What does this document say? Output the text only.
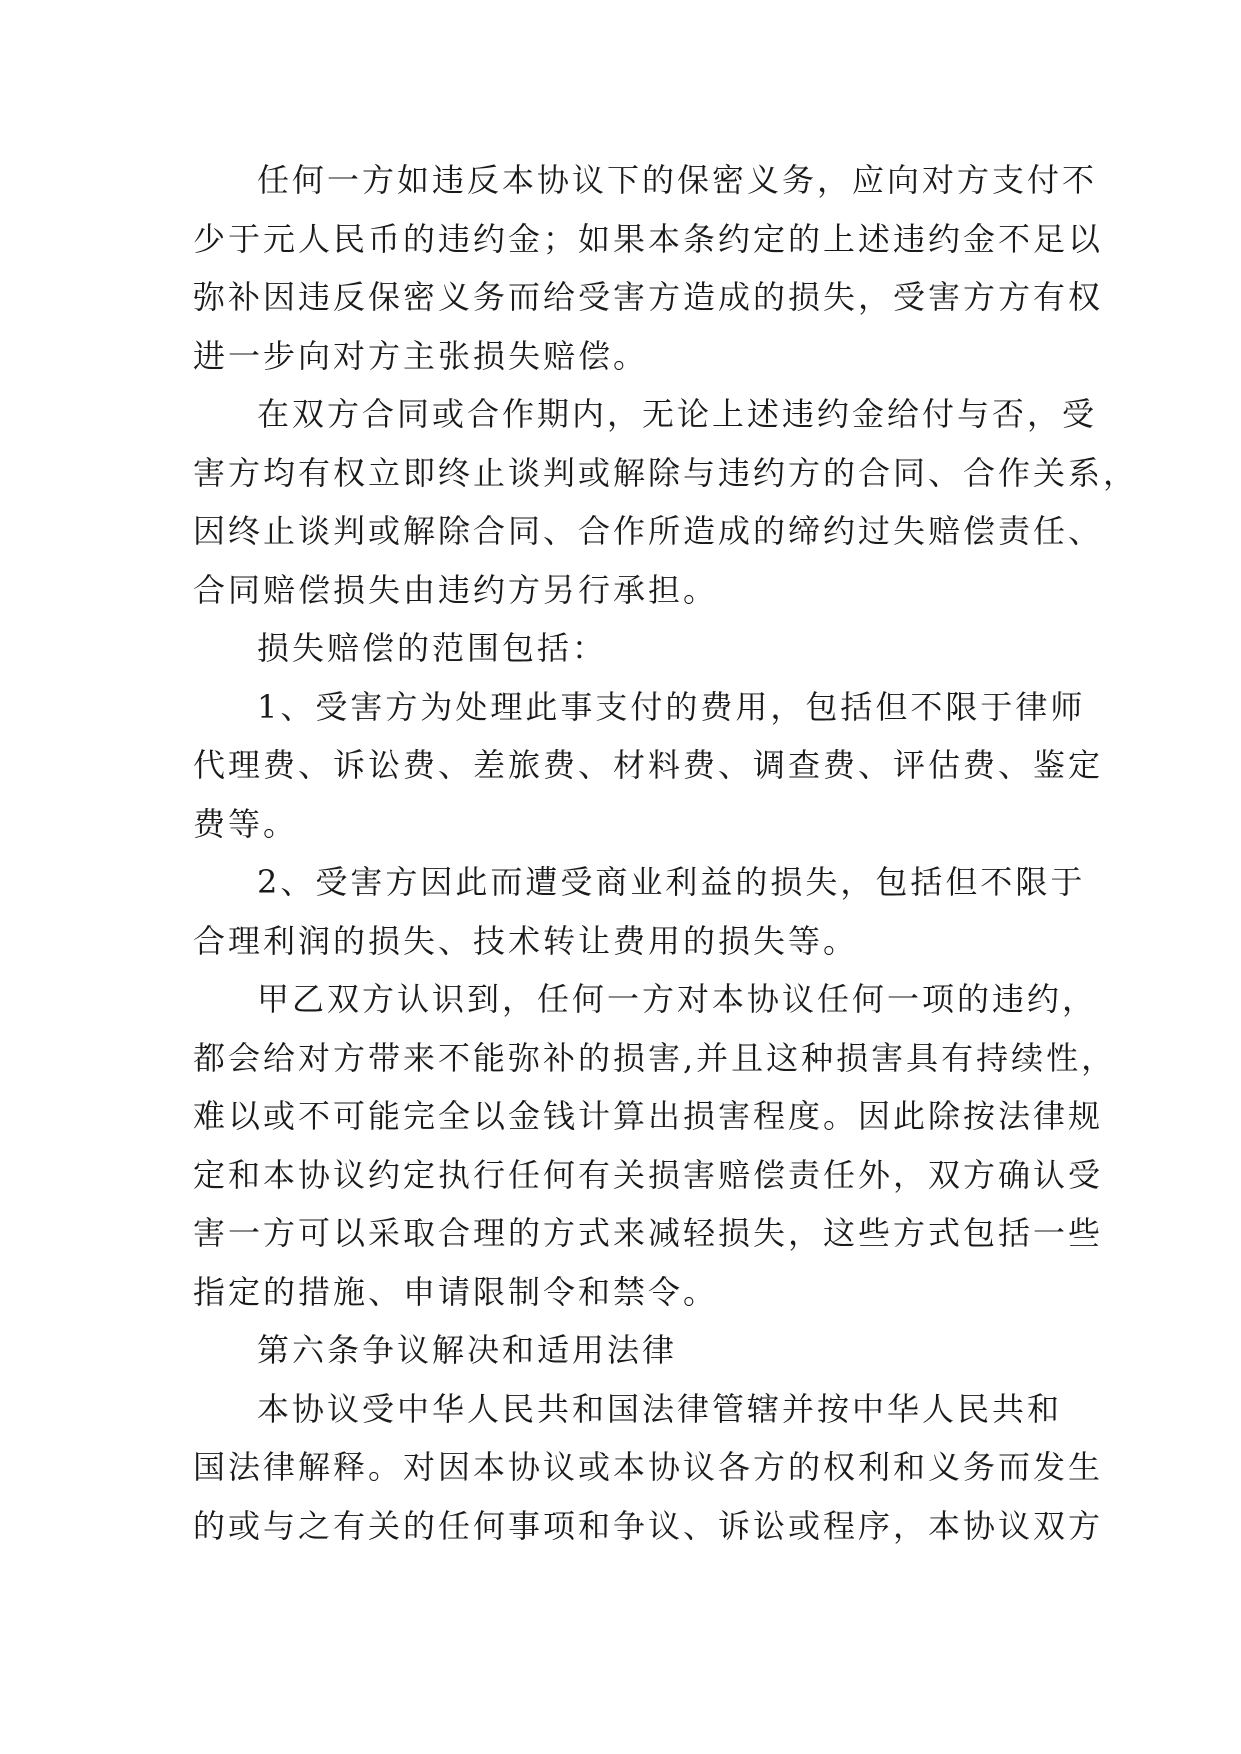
任何一方如违反本协议下的保密义务，应向对方支付不
少于元人民币的违约金；如果本条约定的上述违约金不足以
弥补因违反保密义务而给受害方造成的损失，受害方方有权
进一步向对方主张损失赔偿。
在双方合同或合作期内，无论上述违约金给付与否，受
害方均有权立即终止谈判或解除与违约方的合同、合作关系，
因终止谈判或解除合同、合作所造成的缔约过失赔偿责任、
合同赔偿损失由违约方另行承担。
损失赔偿的范围包括：
1、受害方为处理此事支付的费用，包括但不限于律师
代理费、诉讼费、差旅费、材料费、调查费、评估费、鉴定
费等。
2、受害方因此而遭受商业利益的损失，包括但不限于
合理利润的损失、技术转让费用的损失等。
甲乙双方认识到，任何一方对本协议任何一项的违约，
都会给对方带来不能弥补的损害,并且这种损害具有持续性，
难以或不可能完全以金钱计算出损害程度。因此除按法律规
定和本协议约定执行任何有关损害赔偿责任外，双方确认受
害一方可以采取合理的方式来减轻损失，这些方式包括一些
指定的措施、申请限制令和禁令。
第六条争议解决和适用法律
本协议受中华人民共和国法律管辖并按中华人民共和
国法律解释。对因本协议或本协议各方的权利和义务而发生
的或与之有关的任何事项和争议、诉讼或程序，本协议双方
